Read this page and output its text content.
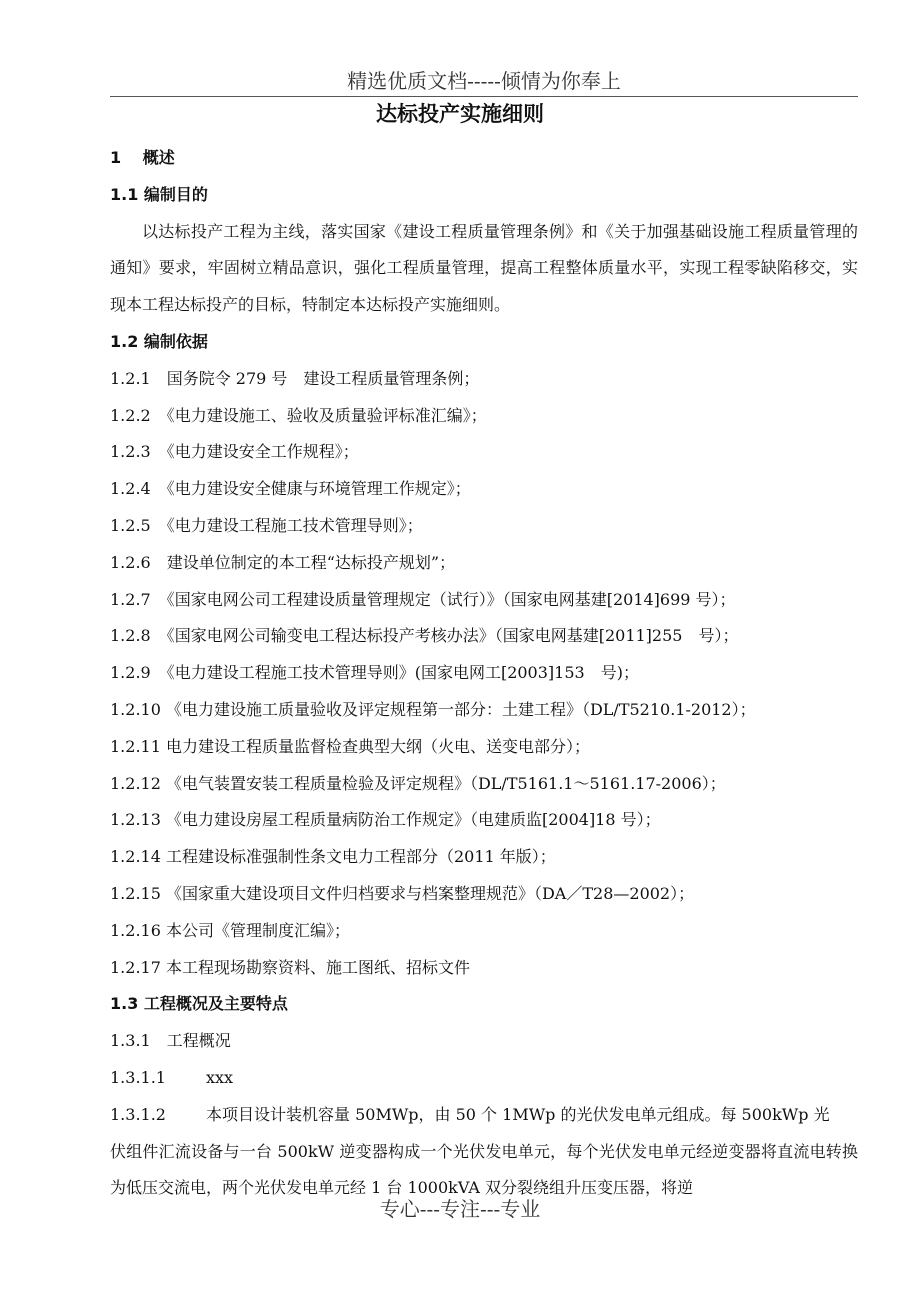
精选优质文档-----倾情为你奉上
达标投产实施细则
1　 概述
1.1 编制目的

以达标投产工程为主线，落实国家《建设工程质量管理条例》和《关于加强基础设施工程质量管理的通知》要求，牢固树立精品意识，强化工程质量管理，提高工程整体质量水平，实现工程零缺陷移交，实现本工程达标投产的目标，特制定本达标投产实施细则。

1.2 编制依据
1.2.1　国务院令 279 号　建设工程质量管理条例；
1.2.2　《电力建设施工、验收及质量验评标准汇编》；
1.2.3　《电力建设安全工作规程》；
1.2.4　《电力建设安全健康与环境管理工作规定》；
1.2.5　《电力建设工程施工技术管理导则》；
1.2.6　建设单位制定的本工程“达标投产规划”；
1.2.7　《国家电网公司工程建设质量管理规定（试行）》（国家电网基建[2014]699 号）；
1.2.8　《国家电网公司输变电工程达标投产考核办法》（国家电网基建[2011]255　号）；
1.2.9　《电力建设工程施工技术管理导则》(国家电网工[2003]153　号)；
1.2.10 《电力建设施工质量验收及评定规程第一部分：土建工程》（DL/T5210.1-2012）；
1.2.11 电力建设工程质量监督检查典型大纲（火电、送变电部分）；
1.2.12 《电气装置安装工程质量检验及评定规程》（DL/T5161.1～5161.17-2006）；
1.2.13 《电力建设房屋工程质量病防治工作规定》（电建质监[2004]18 号）；
1.2.14 工程建设标准强制性条文电力工程部分（2011 年版）；
1.2.15 《国家重大建设项目文件归档要求与档案整理规范》（DA／T28—2002）；
1.2.16 本公司《管理制度汇编》；
1.2.17 本工程现场勘察资料、施工图纸、招标文件
1.3 工程概况及主要特点
1.3.1　工程概况
1.3.1.1	xxx
1.3.1.2	本项目设计装机容量 50MWp，由 50 个 1MWp 的光伏发电单元组成。每 500kWp 光

伏组件汇流设备与一台 500kW 逆变器构成一个光伏发电单元，每个光伏发电单元经逆变器将直流电转换为低压交流电，两个光伏发电单元经 1 台 1000kVA 双分裂绕组升压变压器，将逆

专心---专注---专业
